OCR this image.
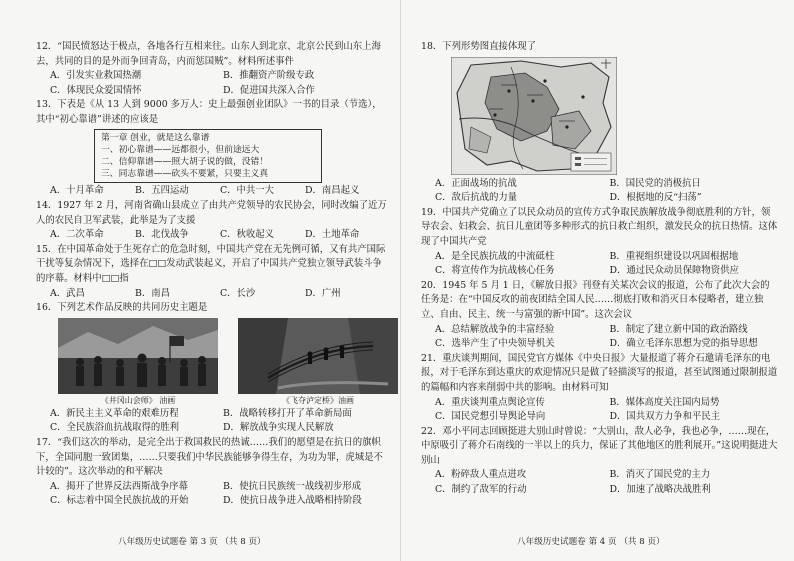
12．“国民愤怒达于极点，各地各行互相来往。山东人到北京、北京公民到山东上海去，共同的目的是外而争回青岛，内而惩国贼”。材料所述事件

A．引发实业救国热潮	B．推翻资产阶级专政
C．体现民众爱国情怀	D．促进国共深入合作

13．下表是《从 13 人到 9000 多万人：史上最强创业团队》一书的目录（节选），其中“初心靠谱”讲述的应该是

第一章 创业，就是这么靠谱
一、初心靠谱——远都很小，但前途远大
二、信仰靠谱——照大胡子说的做，没错！
三、同志靠谱——砍头不要紧，只要主义真
A．十月革命	B．五四运动	C．中共一大	D．南昌起义

14．1927 年 2 月，河南省确山县成立了由共产党领导的农民协会，同时改编了近万人的农民自卫军武装，此举是为了支援

A．二次革命	B．北伐战争	C．秋收起义	D．土地革命

15．在中国革命处于生死存亡的危急时刻，中国共产党在无先例可循，又有共产国际干扰等复杂情况下，选择在□□发动武装起义，开启了中国共产党独立领导武装斗争的序幕。材料中□□指

A．武昌	B．南昌	C．长沙	D．广州

16．下列艺术作品反映的共同历史主题是

《井冈山会师》 油画	《飞夺泸定桥》油画
A．新民主主义革命的艰难历程	B．战略转移打开了革命新局面
C．全民族浴血抗战取得的胜利	D．解放战争实现人民解放

17．“我们这次的举动，是完全出于救国救民的热诚……我们的愿望是在抗日的旗帜下，全国同胞一致团集，……只要我们中华民族能够争得生存，为功为罪，虎城是不计较的”。这次举动的和平解决

A．揭开了世界反法西斯战争序幕	B．使抗日民族统一战线初步形成
C．标志着中国全民族抗战的开始	D．使抗日战争进入战略相持阶段
八年级历史试题卷 第 3 页 （共 8 页）

18．下列形势图直接体现了

A．正面战场的抗战	B．国民党的消极抗日
C．敌后抗战的力量	D．根据地的反“扫荡”

19．中国共产党确立了以民众动员的宣传方式争取民族解放战争彻底胜利的方针，领导农会、妇救会、抗日儿童团等多种形式的抗日救亡组织，激发民众的抗日热情。这体现了中国共产党

A．是全民族抗战的中流砥柱	B．重视组织建设以巩固根据地
C．将宣传作为抗战核心任务	D．通过民众动员保障物资供应

20．1945 年 5 月 1 日，《解放日报》刊登有关某次会议的报道，公布了此次大会的任务是：在“中国反攻的前夜团结全国人民……彻底打败和消灭日本侵略者，建立独立、自由、民主、统一与富强的新中国”。这次会议

A．总结解放战争的丰富经验	B．制定了建立新中国的政治路线
C．选举产生了中央领导机关	D．确立毛泽东思想为党的指导思想

21．重庆谈判期间，国民党官方媒体《中央日报》大量报道了蒋介石邀请毛泽东的电报，对于毛泽东到达重庆的欢迎情况只是做了轻描淡写的报道，甚至试图通过限制报道的篇幅和内容来削弱中共的影响。由材料可知

A．重庆谈判重点舆论宣传	B．媒体高度关注国内局势
C．国民党想引导舆论导向	D．国共双方力争和平民主

22．邓小平同志回顾挺进大别山时曾说：“大别山，敌人必争，我也必争，……现在，中原吸引了蒋介石南线的一半以上的兵力，保证了其他地区的胜利展开。”这说明挺进大别山

A．粉碎敌人重点进攻	B．消灭了国民党的主力
C．制约了敌军的行动	D．加速了战略决战胜利
八年级历史试题卷 第 4 页 （共 8 页）
